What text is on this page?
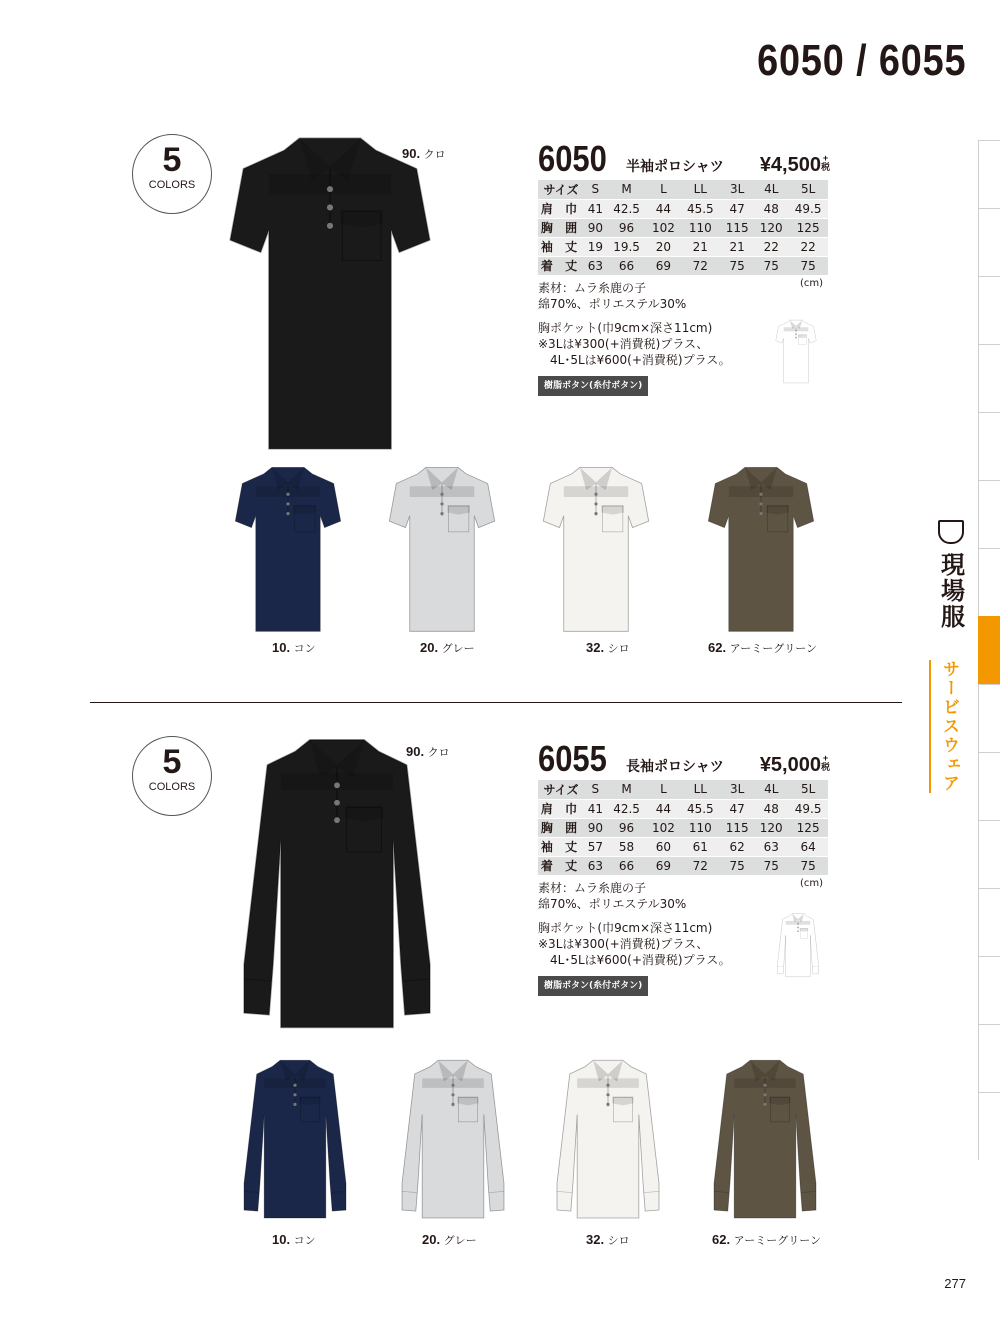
6050 / 6055
現場服
サービスウェア
5
COLORS
90. クロ	6050 半袖ポロシャツ ¥4,500 +
税
サイズ	S	M	L	LL	3L	4L	5L
肩 巾	41	42.5	44	45.5	47	48	49.5
胸 囲	90	96	102	110	115	120	125
袖 丈	19	19.5	20	21	21	22	22
着 丈	63	66	69	72	75	75	75
(cm)

素材：ムラ糸鹿の子

綿70%、ポリエステル30%

胸ポケット(巾9cm×深さ11cm)

※3Lは¥300(+消費税)プラス、

4L･5Lは¥600(+消費税)プラス。

樹脂ボタン(糸付ボタン)
10. コン	20. グレー	32. シロ	62. アーミーグリーン
5
COLORS
90. クロ 6055 長袖ポロシャツ ¥5,000 +
税
サイズ	S	M	L	LL	3L	4L	5L
肩 巾	41	42.5	44	45.5	47	48	49.5
胸 囲	90	96	102	110	115	120	125
袖 丈	57	58	60	61	62	63	64
着 丈	63	66	69	72	75	75	75
(cm)

素材：ムラ糸鹿の子

綿70%、ポリエステル30%

胸ポケット(巾9cm×深さ11cm)

※3Lは¥300(+消費税)プラス、

4L･5Lは¥600(+消費税)プラス。

樹脂ボタン(糸付ボタン)
10. コン	20. グレー	32. シロ	62. アーミーグリーン
277
